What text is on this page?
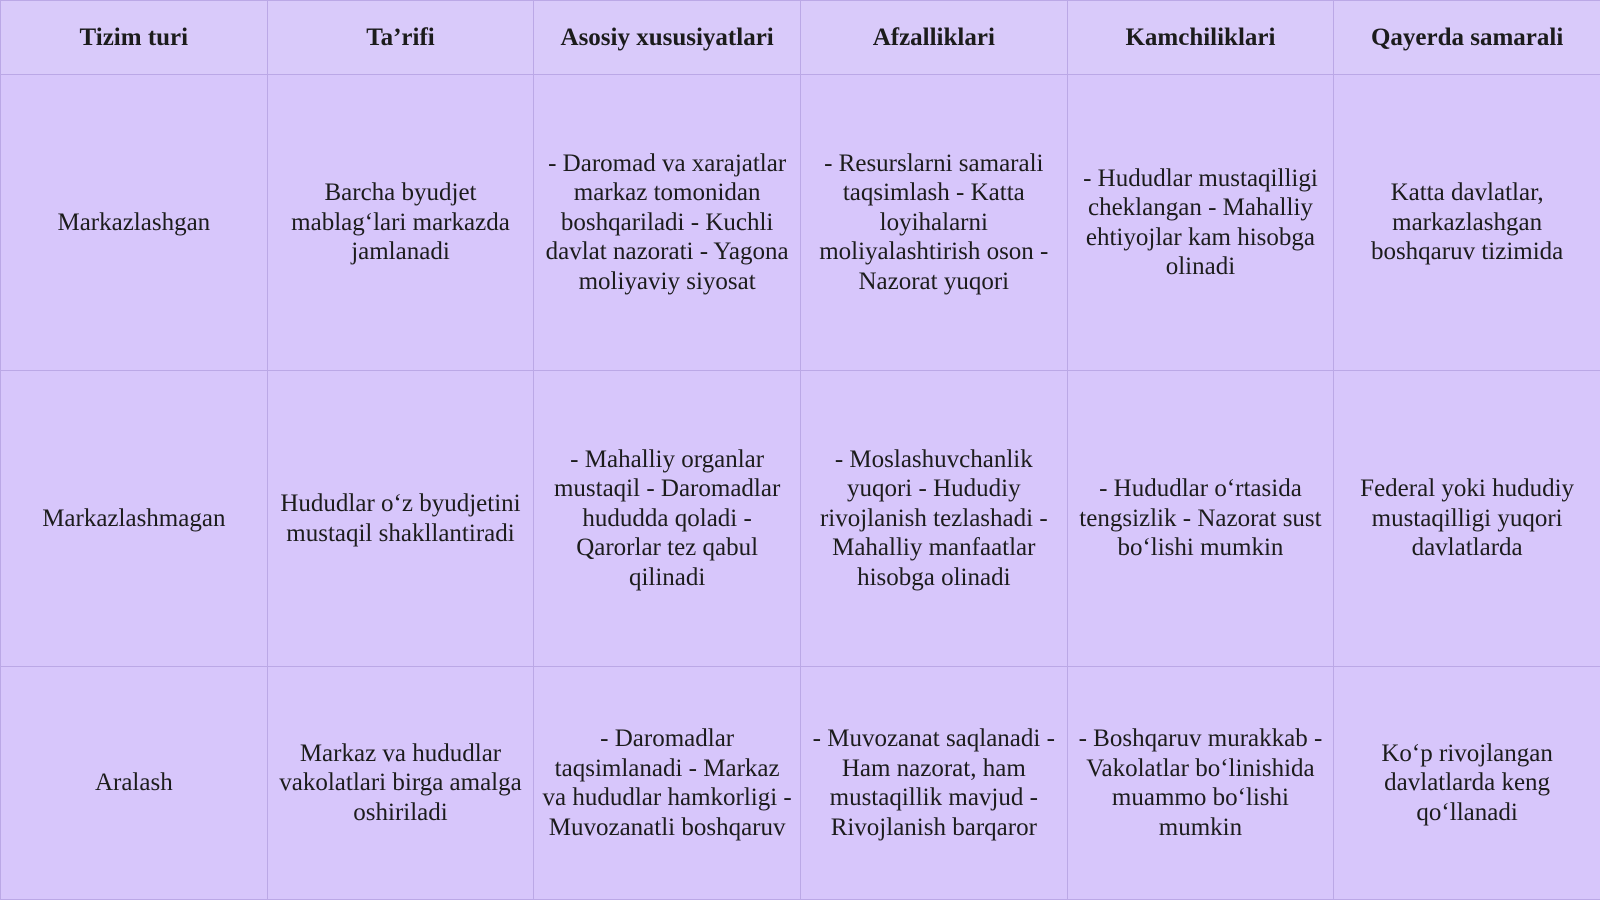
Tizim turi	Ta’rifi	Asosiy xususiyatlari	Afzalliklari	Kamchiliklari	Qayerda samarali
Markazlashgan	Barcha byudjet mablag‘lari markazda jamlanadi	- Daromad va xarajatlar markaz tomonidan boshqariladi - Kuchli davlat nazorati - Yagona moliyaviy siyosat	- Resurslarni samarali taqsimlash - Katta loyihalarni moliyalashtirish oson - Nazorat yuqori	- Hududlar mustaqilligi cheklangan - Mahalliy ehtiyojlar kam hisobga olinadi	Katta davlatlar, markazlashgan boshqaruv tizimida
Markazlashmagan	Hududlar o‘z byudjetini mustaqil shakllantiradi	- Mahalliy organlar mustaqil - Daromadlar hududda qoladi - Qarorlar tez qabul qilinadi	- Moslashuvchanlik yuqori - Hududiy rivojlanish tezlashadi - Mahalliy manfaatlar hisobga olinadi	- Hududlar o‘rtasida tengsizlik - Nazorat sust bo‘lishi mumkin	Federal yoki hududiy mustaqilligi yuqori davlatlarda
Aralash	Markaz va hududlar vakolatlari birga amalga oshiriladi	- Daromadlar taqsimlanadi - Markaz va hududlar hamkorligi - Muvozanatli boshqaruv	- Muvozanat saqlanadi - Ham nazorat, ham mustaqillik mavjud - Rivojlanish barqaror	- Boshqaruv murakkab - Vakolatlar bo‘linishida muammo bo‘lishi mumkin	Ko‘p rivojlangan davlatlarda keng qo‘llanadi
